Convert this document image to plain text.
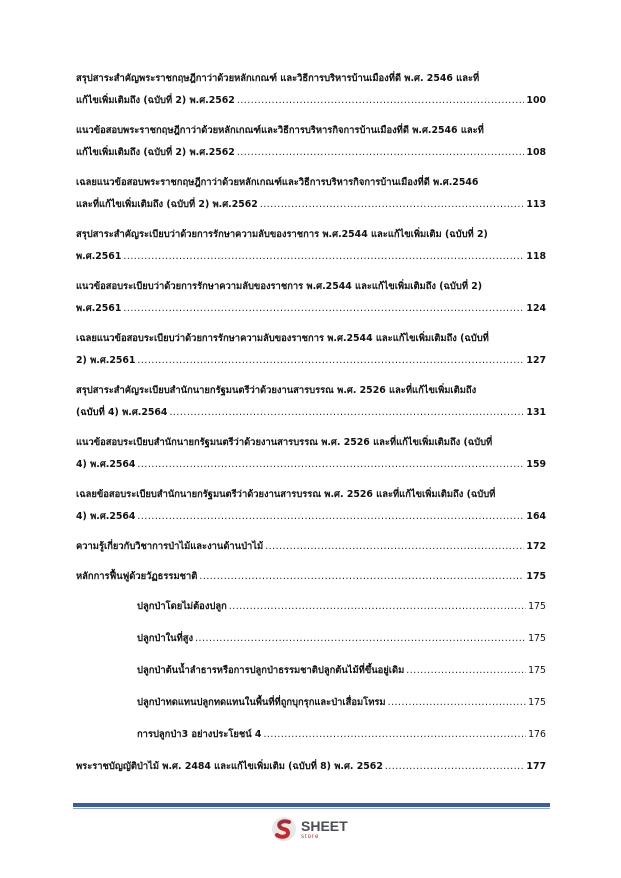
สรุปสาระสำคัญพระราชกฤษฎีกาว่าด้วยหลักเกณฑ์ และวิธีการบริหารบ้านเมืองที่ดี พ.ศ. 2546 และที่
แก้ไขเพิ่มเติมถึง (ฉบับที่ 2) พ.ศ.2562 .....	100
แนวข้อสอบพระราชกฤษฎีกาว่าด้วยหลักเกณฑ์และวิธีการบริหารกิจการบ้านเมืองที่ดี พ.ศ.2546 และที่
แก้ไขเพิ่มเติมถึง (ฉบับที่ 2) พ.ศ.2562 .....	108
เฉลยแนวข้อสอบพระราชกฤษฎีกาว่าด้วยหลักเกณฑ์และวิธีการบริหารกิจการบ้านเมืองที่ดี พ.ศ.2546
และที่แก้ไขเพิ่มเติมถึง (ฉบับที่ 2) พ.ศ.2562 .....	113
สรุปสาระสำคัญระเบียบว่าด้วยการรักษาความลับของราชการ พ.ศ.2544 และแก้ไขเพิ่มเติม (ฉบับที่ 2)
พ.ศ.2561 .....	118
แนวข้อสอบระเบียบว่าด้วยการรักษาความลับของราชการ พ.ศ.2544 และแก้ไขเพิ่มเติมถึง (ฉบับที่ 2)
พ.ศ.2561 .....	124
เฉลยแนวข้อสอบระเบียบว่าด้วยการรักษาความลับของราชการ พ.ศ.2544 และแก้ไขเพิ่มเติมถึง (ฉบับที่
2) พ.ศ.2561 .....	127
สรุปสาระสำคัญระเบียบสำนักนายกรัฐมนตรีว่าด้วยงานสารบรรณ พ.ศ. 2526 และที่แก้ไขเพิ่มเติมถึง
(ฉบับที่ 4) พ.ศ.2564 .....	131
แนวข้อสอบระเบียบสำนักนายกรัฐมนตรีว่าด้วยงานสารบรรณ พ.ศ. 2526 และที่แก้ไขเพิ่มเติมถึง (ฉบับที่
4) พ.ศ.2564 .....	159
เฉลยข้อสอบระเบียบสำนักนายกรัฐมนตรีว่าด้วยงานสารบรรณ พ.ศ. 2526 และที่แก้ไขเพิ่มเติมถึง (ฉบับที่
4) พ.ศ.2564 .....	164
ความรู้เกี่ยวกับวิชาการป่าไม้และงานด้านป่าไม้ .....	172
หลักการฟื้นฟูด้วยวัฏธรรมชาติ .....	175
ปลูกป่าโดยไม่ต้องปลูก .....	175
ปลูกป่าในที่สูง .....	175
ปลูกป่าต้นน้ำลำธารหรือการปลูกป่าธรรมชาติปลูกต้นไม้ที่ขึ้นอยู่เดิม .....	175
ปลูกป่าทดแทนปลูกทดแทนในพื้นที่ที่ถูกบุกรุกและป่าเสื่อมโทรม .....	175
การปลูกป่า3 อย่างประโยชน์ 4 .....	176
พระราชบัญญัติป่าไม้ พ.ศ. 2484 และแก้ไขเพิ่มเติม (ฉบับที่ 8) พ.ศ. 2562 .....	177
SHEET
store
